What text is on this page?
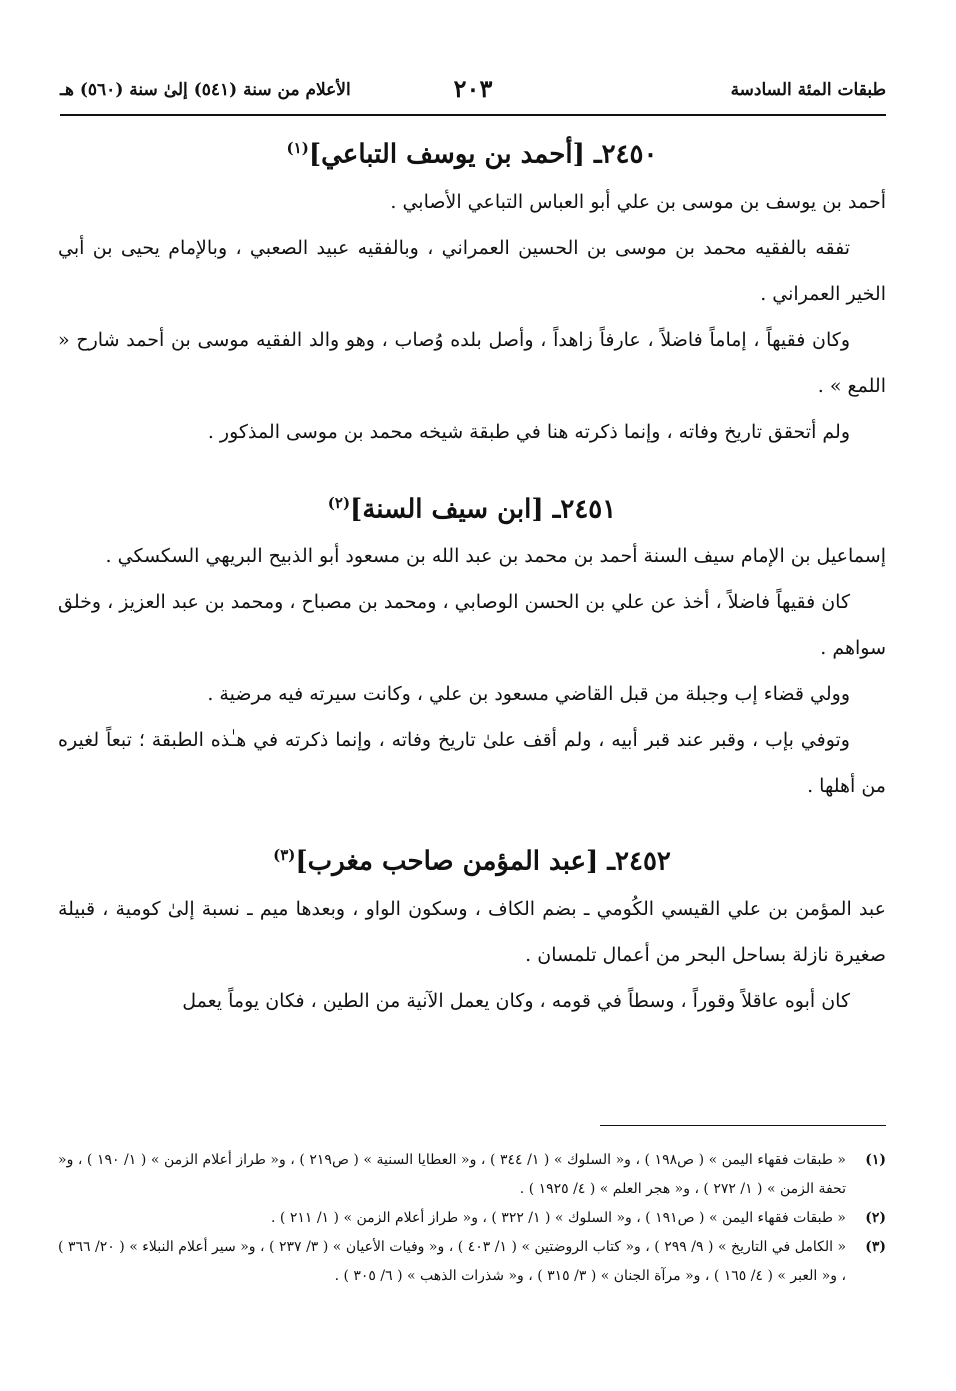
طبقات المئة السادسة
٢٠٣
الأعلام من سنة (٥٤١) إلىٰ سنة (٥٦٠) هـ
٢٤٥٠ـ [أحمد بن يوسف التباعي]$^{(١)}$

أحمد بن يوسف بن موسى بن علي أبو العباس التباعي الأصابي .

تفقه بالفقيه محمد بن موسى بن الحسين العمراني ، وبالفقيه عبيد الصعبي ، وبالإمام يحيى بن أبي الخير العمراني .

وكان فقيهاً ، إماماً فاضلاً ، عارفاً زاهداً ، وأصل بلده وُصاب ، وهو والد الفقيه موسى بن أحمد شارح « اللمع » .

ولم أتحقق تاريخ وفاته ، وإنما ذكرته هنا في طبقة شيخه محمد بن موسى المذكور .

٢٤٥١ـ [ابن سيف السنة]$^{(٢)}$

إسماعيل بن الإمام سيف السنة أحمد بن محمد بن عبد الله بن مسعود أبو الذبيح البريهي السكسكي .

كان فقيهاً فاضلاً ، أخذ عن علي بن الحسن الوصابي ، ومحمد بن مصباح ، ومحمد بن عبد العزيز ، وخلق سواهم .

وولي قضاء إب وجبلة من قبل القاضي مسعود بن علي ، وكانت سيرته فيه مرضية .

وتوفي بإب ، وقبر عند قبر أبيه ، ولم أقف علىٰ تاريخ وفاته ، وإنما ذكرته في هـٰذه الطبقة ؛ تبعاً لغيره من أهلها .

٢٤٥٢ـ [عبد المؤمن صاحب مغرب]$^{(٣)}$

عبد المؤمن بن علي القيسي الكُومي ـ بضم الكاف ، وسكون الواو ، وبعدها ميم ـ نسبة إلىٰ كومية ، قبيلة صغيرة نازلة بساحل البحر من أعمال تلمسان .

كان أبوه عاقلاً وقوراً ، وسطاً في قومه ، وكان يعمل الآنية من الطين ، فكان يوماً يعمل

(١)
« طبقات فقهاء اليمن » ( ص١٩٨ ) ، و« السلوك » ( ١/ ٣٤٤ ) ، و« العطايا السنية » ( ص٢١٩ ) ، و« طراز أعلام الزمن » ( ١/ ١٩٠ ) ، و« تحفة الزمن » ( ١/ ٢٧٢ ) ، و« هجر العلم » ( ٤/ ١٩٢٥ ) .
(٢)
« طبقات فقهاء اليمن » ( ص١٩١ ) ، و« السلوك » ( ١/ ٣٢٢ ) ، و« طراز أعلام الزمن » ( ١/ ٢١١ ) .
(٣)
« الكامل في التاريخ » ( ٩/ ٢٩٩ ) ، و« كتاب الروضتين » ( ١/ ٤٠٣ ) ، و« وفيات الأعيان » ( ٣/ ٢٣٧ ) ، و« سير أعلام النبلاء » ( ٢٠/ ٣٦٦ ) ، و« العبر » ( ٤/ ١٦٥ ) ، و« مرآة الجنان » ( ٣/ ٣١٥ ) ، و« شذرات الذهب » ( ٦/ ٣٠٥ ) .
